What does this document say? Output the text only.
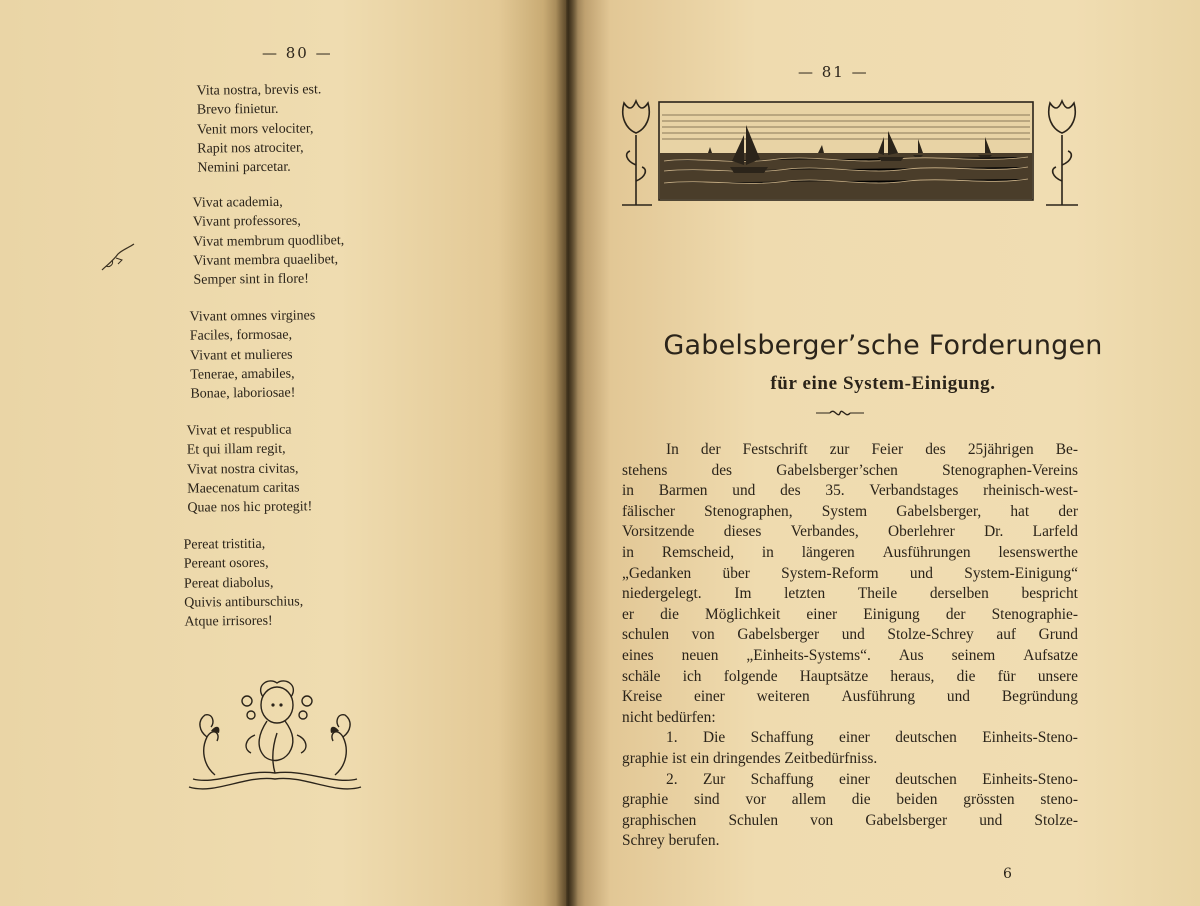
— 80 —
Vita nostra, brevis est.
Brevo finietur.
Venit mors velociter,
Rapit nos atrociter,
Nemini parcetar.
Vivat academia,
Vivant professores,
Vivat membrum quodlibet,
Vivant membra quaelibet,
Semper sint in flore!
Vivant omnes virgines
Faciles, formosae,
Vivant et mulieres
Tenerae, amabiles,
Bonae, laboriosae!
Vivat et respublica
Et qui illam regit,
Vivat nostra civitas,
Maecenatum caritas
Quae nos hic protegit!
Pereat tristitia,
Pereant osores,
Pereat diabolus,
Quivis antiburschius,
Atque irrisores!
— 81 —
Gabelsberger’sche Forderungen
für eine System-Einigung.
In der Festschrift zur Feier des 25jährigen Be-
stehens	des	Gabelsberger’schen	Stenographen-Vereins
in Barmen und des 35. Verbandstages rheinisch-west-
fälischer Stenographen, System Gabelsberger, hat der
Vorsitzende dieses Verbandes, Oberlehrer Dr. Larfeld
in Remscheid, in längeren Ausführungen lesenswerthe
„Gedanken über System-Reform und System-Einigung“
niedergelegt. Im letzten Theile derselben bespricht
er die Möglichkeit einer Einigung der Stenographie-
schulen von Gabelsberger und Stolze-Schrey auf Grund
eines neuen „Einheits-Systems“. Aus seinem Aufsatze
schäle ich folgende Hauptsätze heraus, die für unsere
Kreise einer weiteren Ausführung und Begründung
nicht bedürfen:
1. Die Schaffung einer deutschen Einheits-Steno-
graphie ist ein dringendes Zeitbedürfniss.
2. Zur Schaffung einer deutschen Einheits-Steno-
graphie sind vor allem die beiden grössten steno-
graphischen Schulen von Gabelsberger und Stolze-
Schrey berufen.
6
